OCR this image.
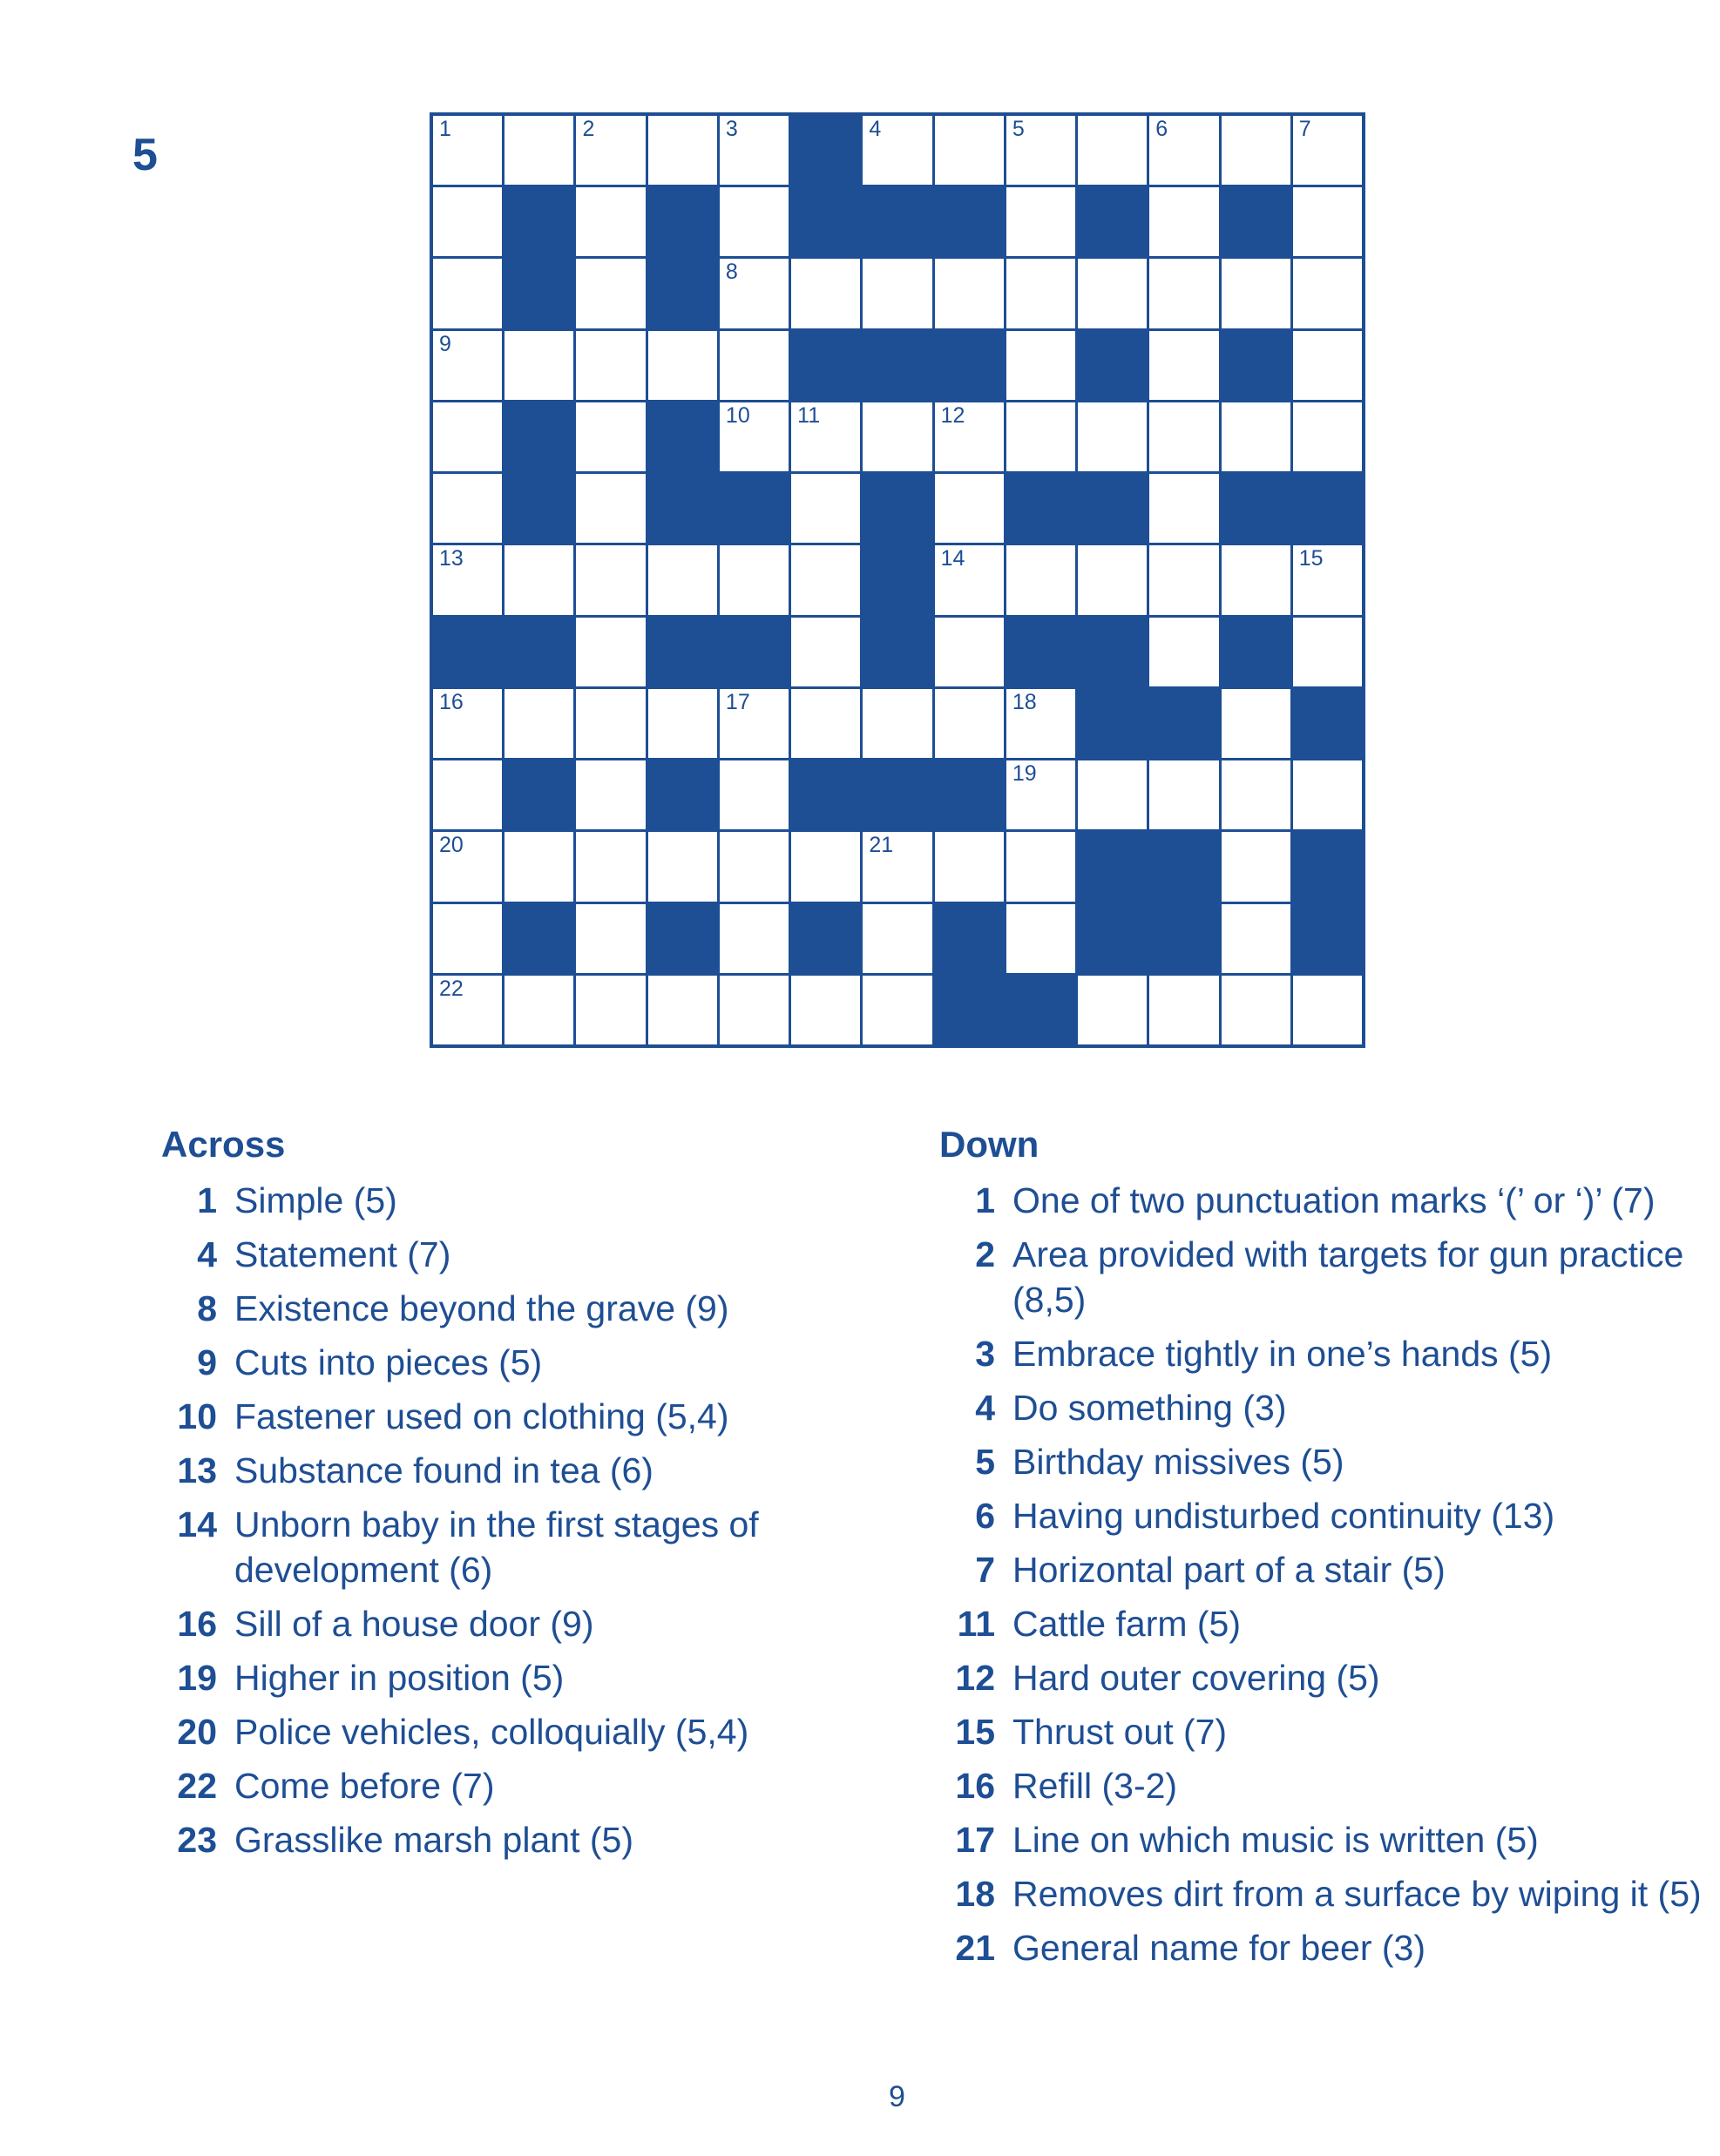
5
1	2	3	4	5	6	7
8
9
10 11	12
13	14	15
16	17	18
19
20	21
22
Across
1 Simple (5)
4 Statement (7)
8 Existence beyond the grave (9)
9 Cuts into pieces (5)
10 Fastener used on clothing (5,4)
13 Substance found in tea (6)
14 Unborn baby in the first stages of development (6)
16 Sill of a house door (9)
19 Higher in position (5)
20 Police vehicles, colloquially (5,4)
22 Come before (7)
23 Grasslike marsh plant (5)
Down
1 One of two punctuation marks ‘(’ or ‘)’ (7)
2 Area provided with targets for gun practice (8,5)
3 Embrace tightly in one’s hands (5)
4 Do something (3)
5 Birthday missives (5)
6 Having undisturbed continuity (13)
7 Horizontal part of a stair (5)
11 Cattle farm (5)
12 Hard outer covering (5)
15 Thrust out (7)
16 Refill (3-2)
17 Line on which music is written (5)
18 Removes dirt from a surface by wiping it (5)
21 General name for beer (3)
9
